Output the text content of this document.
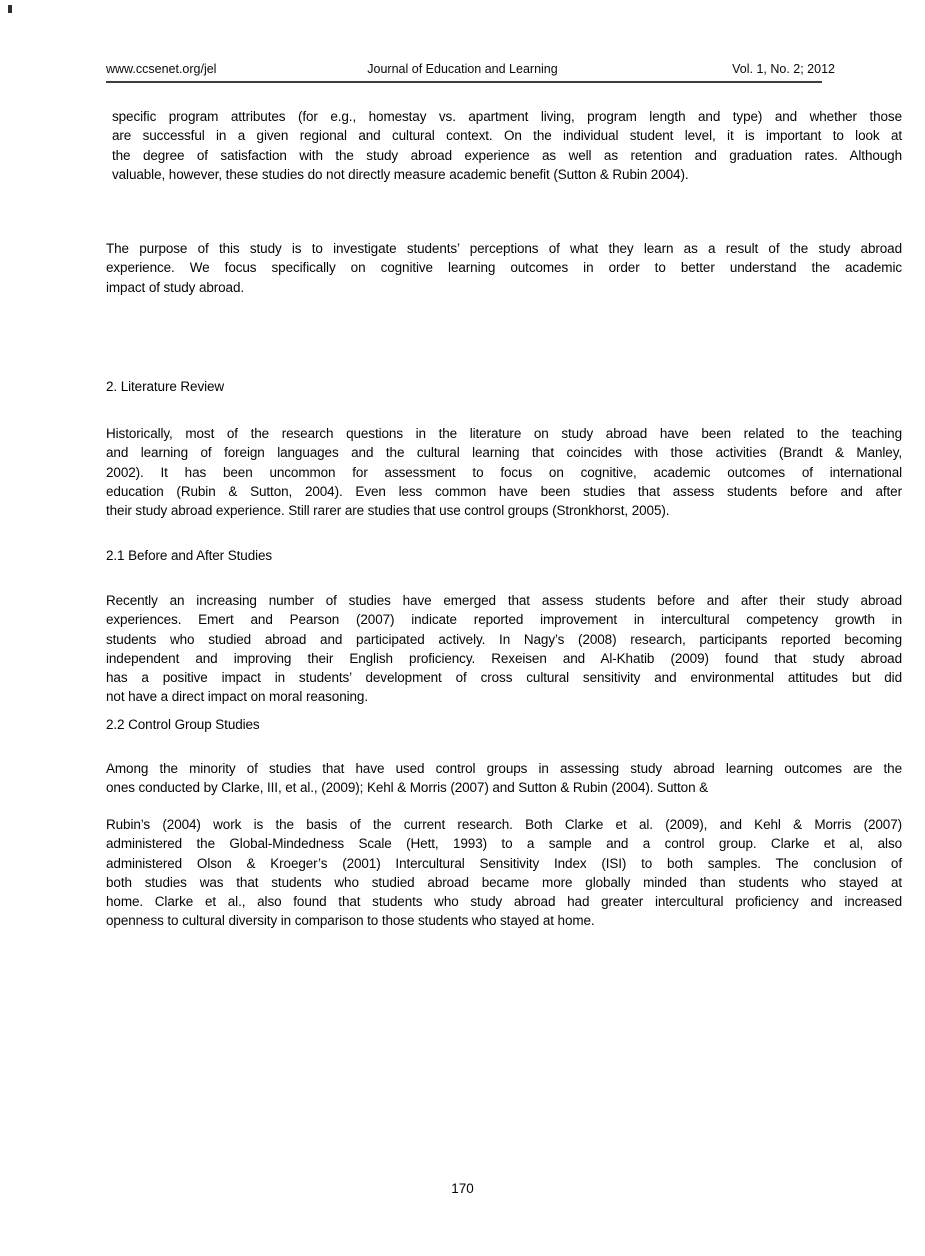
www.ccsenet.org/jel	Journal of Education and Learning	Vol. 1, No. 2; 2012
specific program attributes (for e.g., homestay vs. apartment living, program length and type) and whether those
are successful in a given regional and cultural context. On the individual student level, it is important to look at
the degree of satisfaction with the study abroad experience as well as retention and graduation rates. Although
valuable, however, these studies do not directly measure academic benefit (Sutton & Rubin 2004).
The purpose of this study is to investigate students’ perceptions of what they learn as a result of the study abroad
experience. We focus specifically on cognitive learning outcomes in order to better understand the academic
impact of study abroad.
2. Literature Review
Historically, most of the research questions in the literature on study abroad have been related to the teaching
and learning of foreign languages and the cultural learning that coincides with those activities (Brandt & Manley,
2002). It has been uncommon for assessment to focus on cognitive, academic outcomes of international
education (Rubin & Sutton, 2004). Even less common have been studies that assess students before and after
their study abroad experience. Still rarer are studies that use control groups (Stronkhorst, 2005).
2.1 Before and After Studies
Recently an increasing number of studies have emerged that assess students before and after their study abroad
experiences. Emert and Pearson (2007) indicate reported improvement in intercultural competency growth in
students who studied abroad and participated actively. In Nagy’s (2008) research, participants reported becoming
independent and improving their English proficiency. Rexeisen and Al-Khatib (2009) found that study abroad
has a positive impact in students’ development of cross cultural sensitivity and environmental attitudes but did
not have a direct impact on moral reasoning.
2.2 Control Group Studies
Among the minority of studies that have used control groups in assessing study abroad learning outcomes are the
ones conducted by Clarke, III, et al., (2009); Kehl & Morris (2007) and Sutton & Rubin (2004). Sutton &
Rubin’s (2004) work is the basis of the current research. Both Clarke et al. (2009), and Kehl & Morris (2007)
administered the Global-Mindedness Scale (Hett, 1993) to a sample and a control group. Clarke et al, also
administered Olson & Kroeger’s (2001) Intercultural Sensitivity Index (ISI) to both samples. The conclusion of
both studies was that students who studied abroad became more globally minded than students who stayed at
home. Clarke et al., also found that students who study abroad had greater intercultural proficiency and increased
openness to cultural diversity in comparison to those students who stayed at home.
170
